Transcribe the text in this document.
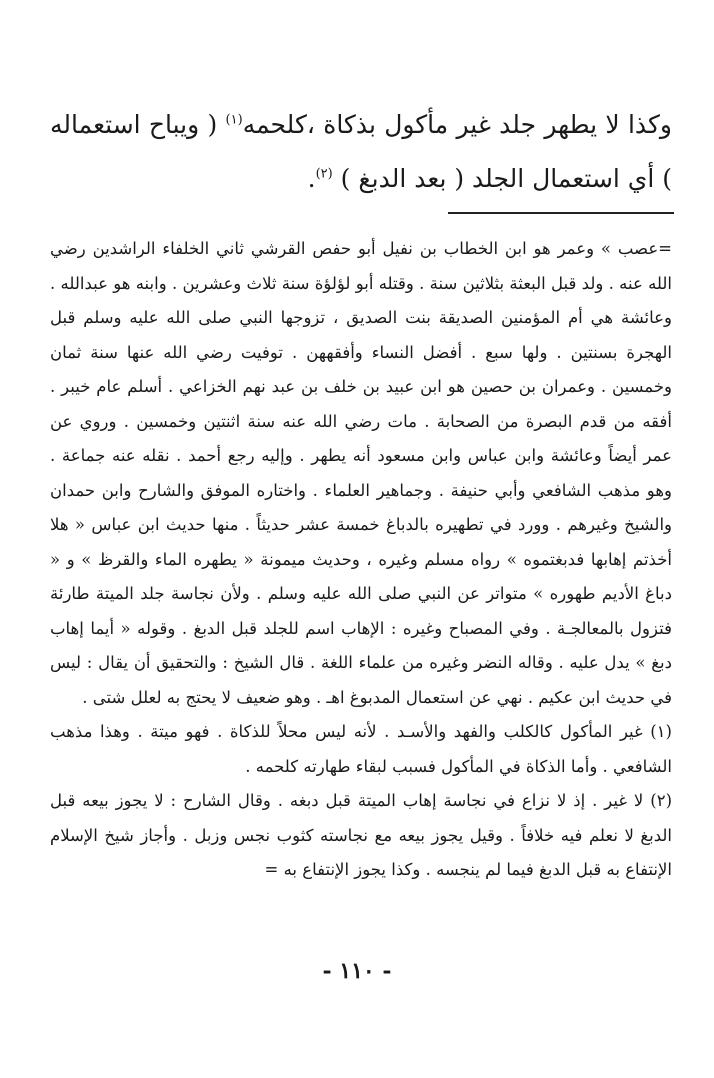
وكذا لا يطهر جلد غير مأكول بذكاة ،كلحمه$^{(١)}$ ( ويباح استعماله ) أي استعمال الجلد ( بعد الدبغ ) $^{(٢)}$.

=عصب » وعمر هو ابن الخطاب بن نفيل أبو حفص القرشي ثاني الخلفاء الراشدين رضي الله عنه . ولد قبل البعثة بثلاثين سنة . وقتله أبو لؤلؤة سنة ثلاث وعشرين . وابنه هو عبدالله . وعائشة هي أم المؤمنين الصديقة بنت الصديق ، تزوجها النبي صلى الله عليه وسلم قبل الهجرة بسنتين . ولها سبع . أفضل النساء وأفقههن . توفيت رضي الله عنها سنة ثمان وخمسين . وعمران بن حصين هو ابن عبيد بن خلف بن عبد نهم الخزاعي . أسلم عام خيبر . أفقه من قدم البصرة من الصحابة . مات رضي الله عنه سنة اثنتين وخمسين . وروي عن عمر أيضاً وعائشة وابن عباس وابن مسعود أنه يطهر . وإليه رجع أحمد . نقله عنه جماعة . وهو مذهب الشافعي وأبي حنيفة . وجماهير العلماء . واختاره الموفق والشارح وابن حمدان والشيخ وغيرهم . وورد في تطهيره بالدباغ خمسة عشر حديثاً . منها حديث ابن عباس « هلا أخذتم إهابها فدبغتموه » رواه مسلم وغيره ، وحديث ميمونة « يطهره الماء والقرظ » و « دباغ الأديم طهوره » متواتر عن النبي صلى الله عليه وسلم . ولأن نجاسة جلد الميتة طارئة فتزول بالمعالجـة . وفي المصباح وغيره : الإهاب اسم للجلد قبل الدبغ . وقوله « أيما إهاب دبغ » يدل عليه . وقاله النضر وغيره من علماء اللغة . قال الشيخ : والتحقيق أن يقال : ليس في حديث ابن عكيم . نهي عن استعمال المدبوغ اهـ . وهو ضعيف لا يحتج به لعلل شتى .

(١) غير المأكول كالكلب والفهد والأسـد . لأنه ليس محلاً للذكاة . فهو ميتة . وهذا مذهب الشافعي . وأما الذكاة في المأكول فسبب لبقاء طهارته كلحمه .

(٢) لا غير . إذ لا نزاع في نجاسة إهاب الميتة قبل دبغه . وقال الشارح : لا يجوز بيعه قبل الدبغ لا نعلم فيه خلافاً . وقيل يجوز بيعه مع نجاسته كثوب نجس وزبل . وأجاز شيخ الإسلام الإنتفاع به قبل الدبغ فيما لم ينجسه . وكذا يجوز الإنتفاع به =

- ١١٠ -
